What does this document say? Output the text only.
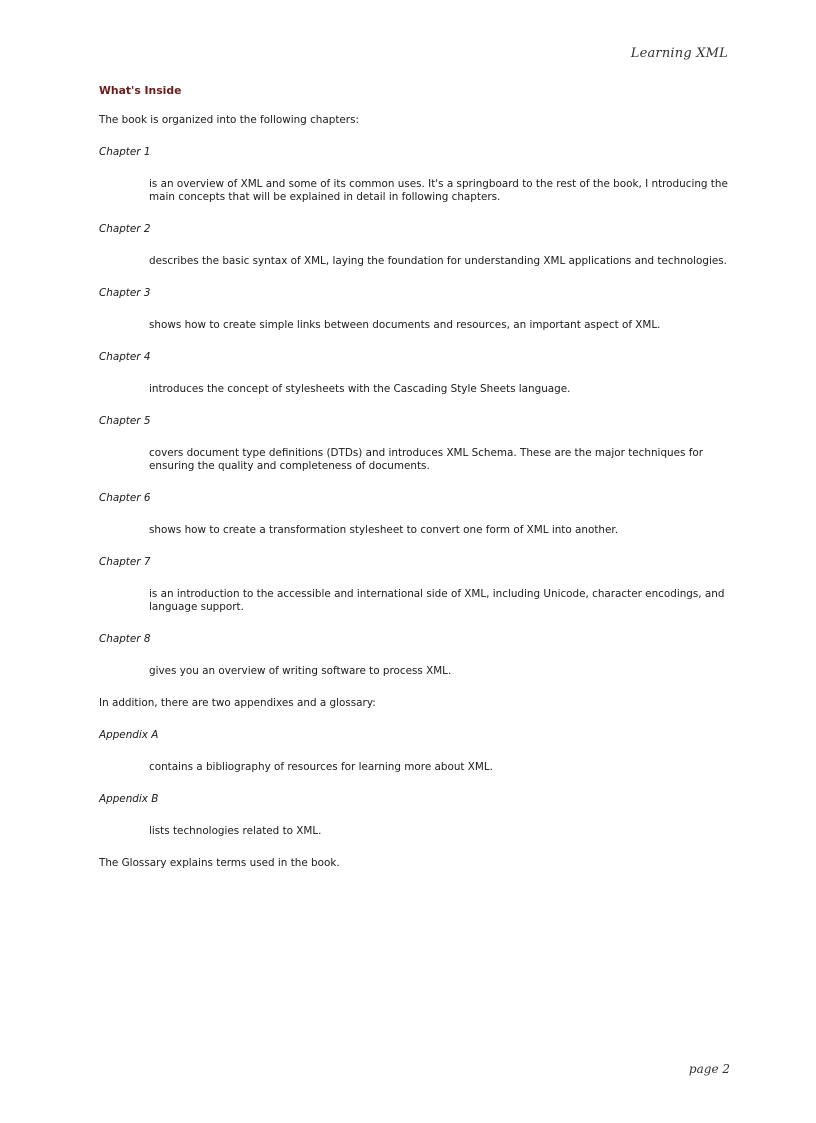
Learning XML
What's Inside
The book is organized into the following chapters:
Chapter 1
is an overview of XML and some of its common uses. It's a springboard to the rest of the book, I ntroducing the main concepts that will be explained in detail in following chapters.
Chapter 2
describes the basic syntax of XML, laying the foundation for understanding XML applications and technologies.
Chapter 3
shows how to create simple links between documents and resources, an important aspect of XML.
Chapter 4
introduces the concept of stylesheets with the Cascading Style Sheets language.
Chapter 5
covers document type definitions (DTDs) and introduces XML Schema. These are the major techniques for ensuring the quality and completeness of documents.
Chapter 6
shows how to create a transformation stylesheet to convert one form of XML into another.
Chapter 7
is an introduction to the accessible and international side of XML, including Unicode, character encodings, and language support.
Chapter 8
gives you an overview of writing software to process XML.
In addition, there are two appendixes and a glossary:
Appendix A
contains a bibliography of resources for learning more about XML.
Appendix B
lists technologies related to XML.
The Glossary explains terms used in the book.
page 2
